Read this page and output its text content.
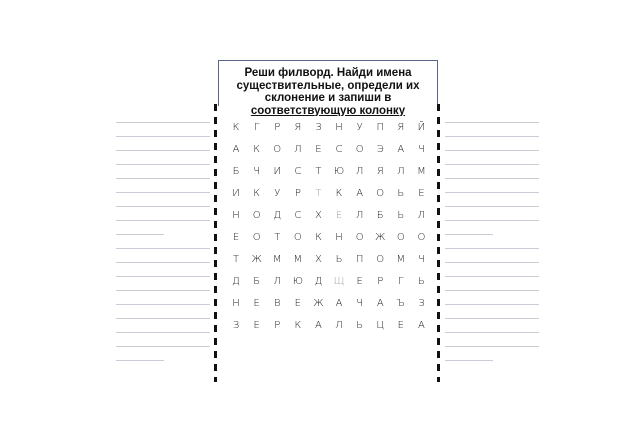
Реши филворд. Найди имена
существительные, определи их
склонение и запиши в
соответствующую колонку
К	Г	Р	Я	З	Н	У	П	Я	Й
А	К	О	Л	Е	С	О	Э	А	Ч
Б	Ч	И	С	Т	Ю	Л	Я	Л	М
И	К	У	Р	Т	К	А	О	Ь	Е
Н	О	Д	С	Х	Е	Л	Б	Ь	Л
Е	О	Т	О	К	Н	О	Ж	О	О
Т	Ж	М	М	Х	Ь	П	О	М	Ч
Д	Б	Л	Ю	Д	Щ	Е	Р	Г	Ь
Н	Е	В	Е	Ж	А	Ч	А	Ъ	З
З	Е	Р	К	А	Л	Ь	Ц	Е	А
